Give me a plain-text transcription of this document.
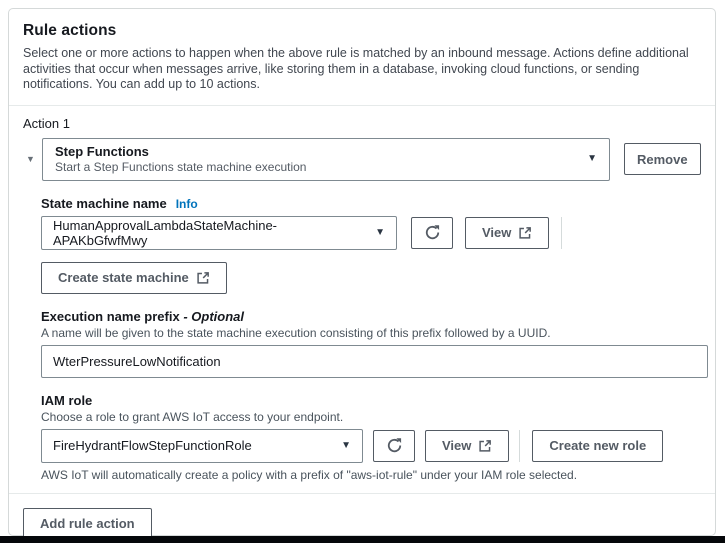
Rule actions

Select one or more actions to happen when the above rule is matched by an inbound message. Actions define additional activities that occur when messages arrive, like storing them in a database, invoking cloud functions, or sending notifications. You can add up to 10 actions.

Action 1
▼ Step Functions
Start a Step Functions state machine execution
▼	Remove
State machine name Info
HumanApprovalLambdaStateMachine-APAKbGfwfMwy
▼	View
Create state machine
Execution name prefix - Optional

A name will be given to the state machine execution consisting of this prefix followed by a UUID.

WterPressureLowNotification
IAM role

Choose a role to grant AWS IoT access to your endpoint.

FireHydrantFlowStepFunctionRole	▼	View	Create new role

AWS IoT will automatically create a policy with a prefix of "aws-iot-rule" under your IAM role selected.

Add rule action
